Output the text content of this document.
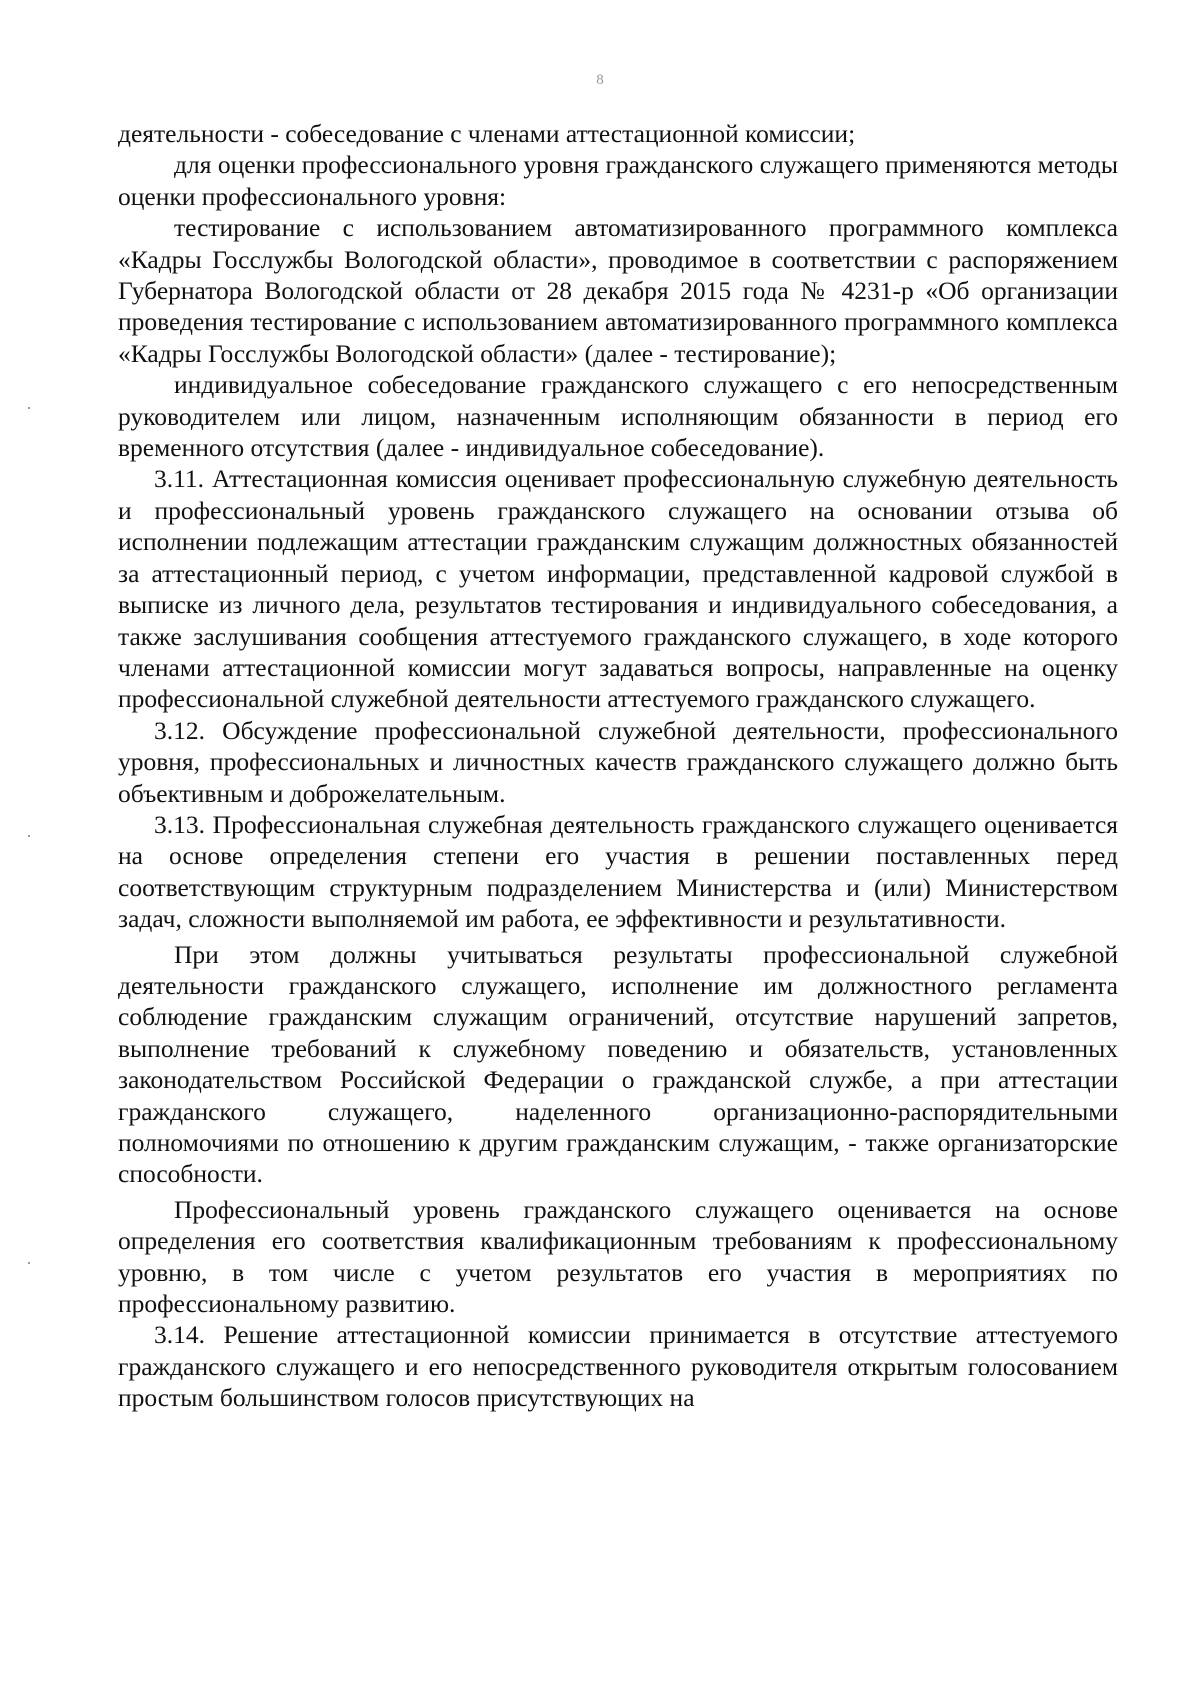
8

деятельности - собеседование с членами аттестационной комиссии;

для оценки профессионального уровня гражданского служащего применяются методы оценки профессионального уровня:

тестирование с использованием автоматизированного программного комплекса «Кадры Госслужбы Вологодской области», проводимое в соответствии с распоряжением Губернатора Вологодской области от 28 декабря 2015 года № 4231-р «Об организации проведения тестирование с использованием автоматизированного программного комплекса «Кадры Госслужбы Вологодской области» (далее - тестирование);

индивидуальное собеседование гражданского служащего с его непосредственным руководителем или лицом, назначенным исполняющим обязанности в период его временного отсутствия (далее - индивидуальное собеседование).

3.11. Аттестационная комиссия оценивает профессиональную служебную деятельность и профессиональный уровень гражданского служащего на основании отзыва об исполнении подлежащим аттестации гражданским служащим должностных обязанностей за аттестационный период, с учетом информации, представленной кадровой службой в выписке из личного дела, результатов тестирования и индивидуального собеседования, а также заслушивания сообщения аттестуемого гражданского служащего, в ходе которого членами аттестационной комиссии могут задаваться вопросы, направленные на оценку профессиональной служебной деятельности аттестуемого гражданского служащего.

3.12. Обсуждение профессиональной служебной деятельности, профессионального уровня, профессиональных и личностных качеств гражданского служащего должно быть объективным и доброжелательным.

3.13. Профессиональная служебная деятельность гражданского служащего оценивается на основе определения степени его участия в решении поставленных перед соответствующим структурным подразделением Министерства и (или) Министерством задач, сложности выполняемой им работа, ее эффективности и результативности.

При этом должны учитываться результаты профессиональной служебной деятельности гражданского служащего, исполнение им должностного регламента соблюдение гражданским служащим ограничений, отсутствие нарушений запретов, выполнение требований к служебному поведению и обязательств, установленных законодательством Российской Федерации о гражданской службе, а при аттестации гражданского служащего, наделенного организационно-распорядительными полномочиями по отношению к другим гражданским служащим, - также организаторские способности.

Профессиональный уровень гражданского служащего оценивается на основе определения его соответствия квалификационным требованиям к профессиональному уровню, в том числе с учетом результатов его участия в мероприятиях по профессиональному развитию.

3.14. Решение аттестационной комиссии принимается в отсутствие аттестуемого гражданского служащего и его непосредственного руководителя открытым голосованием простым большинством голосов присутствующих на
